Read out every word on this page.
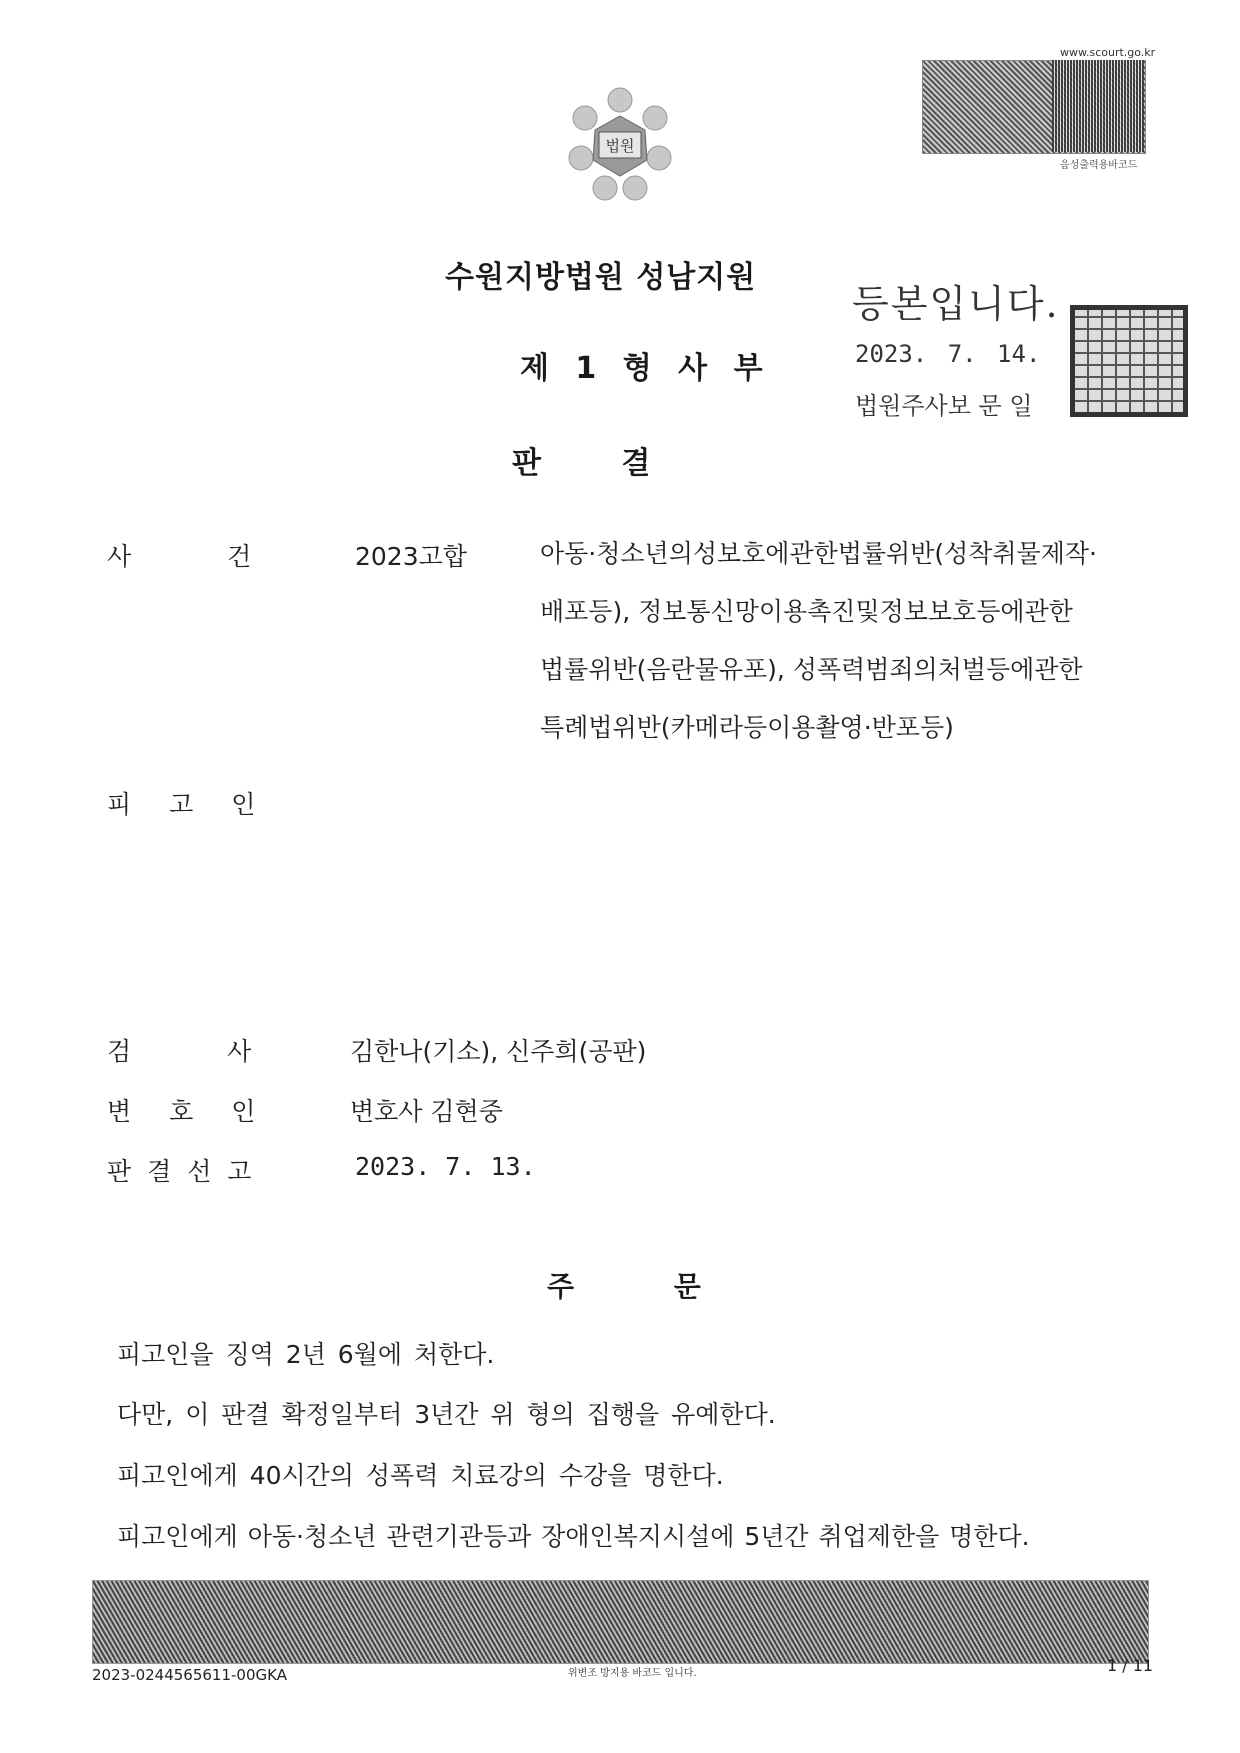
법원
www.scourt.go.kr
음성출력용바코드
수원지방법원 성남지원
제 1 형 사 부
판 결
등본입니다.
2023. 7. 14.
법원주사보 문 일
사 건	2023고합	아동·청소년의성보호에관한법률위반(성착취물제작·
배포등), 정보통신망이용촉진및정보보호등에관한
법률위반(음란물유포), 성폭력범죄의처벌등에관한
특례법위반(카메라등이용촬영·반포등)
피 고 인
검 사	김한나(기소), 신주희(공판)
변 호 인	변호사 김현중
판 결 선 고	2023. 7. 13.
주 문
피고인을 징역 2년 6월에 처한다.
다만, 이 판결 확정일부터 3년간 위 형의 집행을 유예한다.
피고인에게 40시간의 성폭력 치료강의 수강을 명한다.
피고인에게 아동·청소년 관련기관등과 장애인복지시설에 5년간 취업제한을 명한다.
2023-0244565611-00GKA	위변조 방지용 바코드 입니다.	1 / 11
